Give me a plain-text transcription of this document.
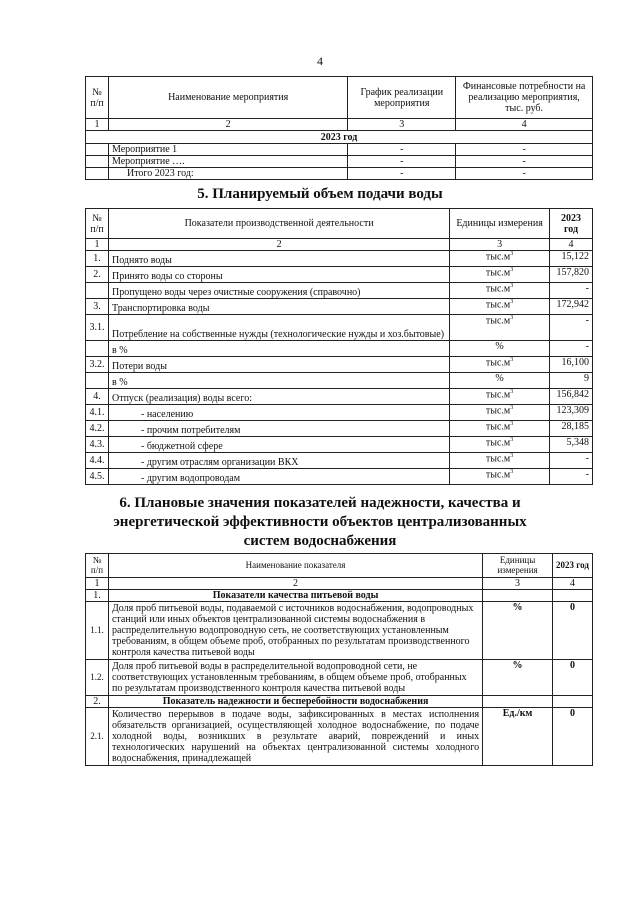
4
№
п/п	Наименование мероприятия	График реализации мероприятия	Финансовые потребности на реализацию мероприятия, тыс. руб.
1	2	3	4
2023 год			
	Мероприятие 1	-	-
	Мероприятие ….	-	-
	Итого 2023 год:	-	-
5. Планируемый объем подачи воды
№
п/п	Показатели производственной деятельности	Единицы измерения	2023 год
1	2	3	4
1.	Поднято воды	$тыс.м^3$	15,122
2.	Принято воды со стороны	$тыс.м^3$	157,820
	Пропущено воды через очистные сооружения (справочно)	$тыс.м^3$	-
3.	Транспортировка воды	$тыс.м^3$	172,942
3.1.	Потребление на собственные нужды (технологические нужды и хоз.бытовые)	$тыс.м^3$	-
	в %	%	-
3.2.	Потери воды	$тыс.м^3$	16,100
	в %	%	9
4.	Отпуск (реализация) воды всего:	$тыс.м^3$	156,842
4.1.	- населению	$тыс.м^3$	123,309
4.2.	- прочим потребителям	$тыс.м^3$	28,185
4.3.	- бюджетной сфере	$тыс.м^3$	5,348
4.4.	- другим отраслям организации ВКХ	$тыс.м^3$	-
4.5.	- другим водопроводам	$тыс.м^3$	-
6. Плановые значения показателей надежности, качества и энергетической эффективности объектов централизованных систем водоснабжения
№
п/п	Наименование показателя	Единицы измерения	2023 год
1	2	3	4
1.	Показатели качества питьевой воды		
1.1.	Доля проб питьевой воды, подаваемой с источников водоснабжения, водопроводных станций или иных объектов централизованной системы водоснабжения в распределительную водопроводную сеть, не соответствующих установленным требованиям, в общем объеме проб, отобранных по результатам производственного контроля качества питьевой воды	%	0
1.2.	Доля проб питьевой воды в распределительной водопроводной сети, не соответствующих установленным требованиям, в общем объеме проб, отобранных по результатам производственного контроля качества питьевой воды	%	0
2.	Показатель надежности и бесперебойности водоснабжения		
2.1.	Количество перерывов в подаче воды, зафиксированных в местах исполнения обязательств организацией, осуществляющей холодное водоснабжение, по подаче холодной воды, возникших в результате аварий, повреждений и иных технологических нарушений на объектах централизованной системы холодного водоснабжения, принадлежащей	Ед./км	0
